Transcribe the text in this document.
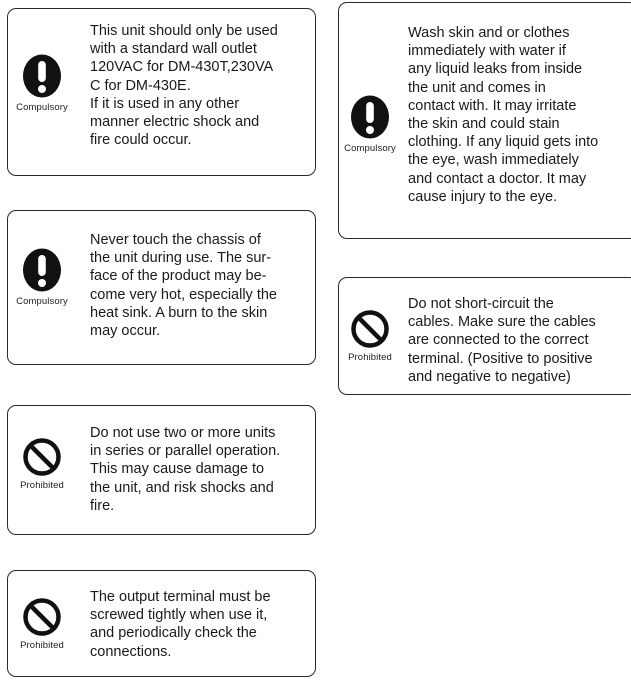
Compulsory

This unit should only be used
with a standard wall outlet
120VAC for DM-430T,230VA
C for DM-430E.
If it is used in any other
manner electric shock and
fire could occur.

Compulsory

Never touch the chassis of
the unit during use. The sur-
face of the product may be-
come very hot, especially the
heat sink. A burn to the skin
may occur.

Prohibited

Do not use two or more units
in series or parallel operation.
This may cause damage to
the unit, and risk shocks and
fire.

Prohibited

The output terminal must be
screwed tightly when use it,
and periodically check the
connections.

Compulsory

Wash skin and or clothes
immediately with water if
any liquid leaks from inside
the unit and comes in
contact with. It may irritate
the skin and could stain
clothing. If any liquid gets into
the eye, wash immediately
and contact a doctor. It may
cause injury to the eye.

Prohibited

Do not short-circuit the
cables. Make sure the cables
are connected to the correct
terminal. (Positive to positive
and negative to negative)
